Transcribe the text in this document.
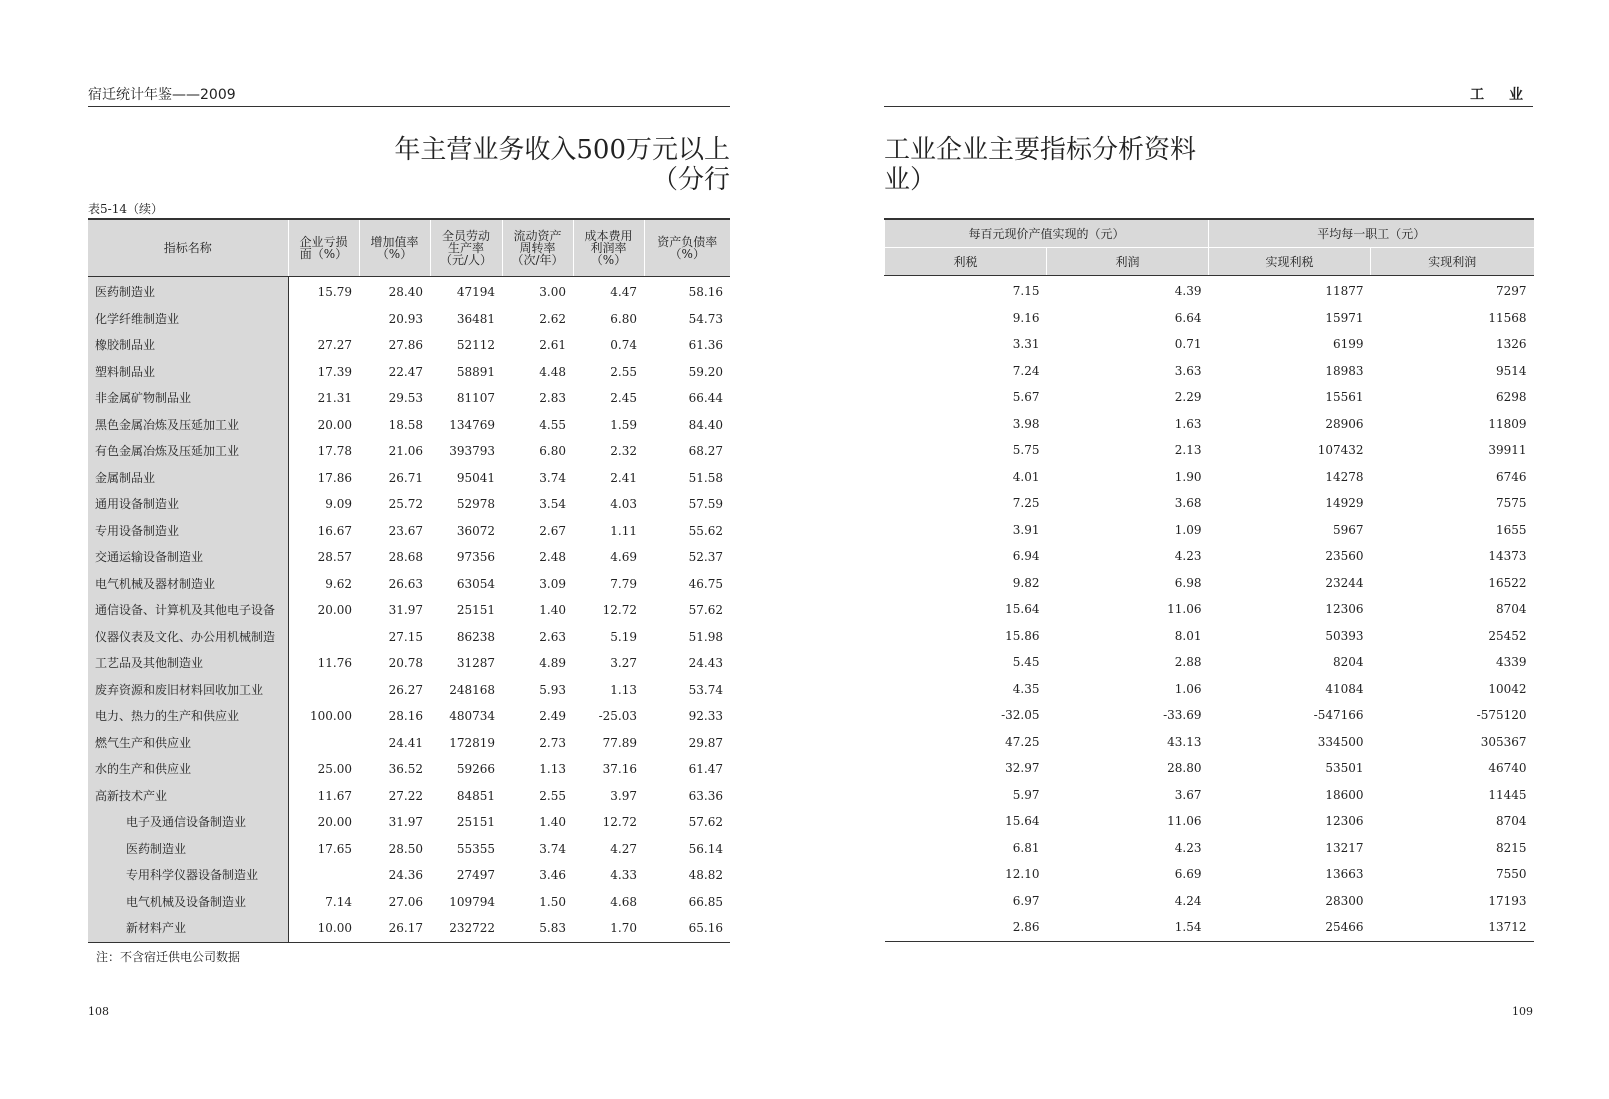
宿迁统计年鉴——2009
年主营业务收入500万元以上
（分行
表5-14（续）
指标名称	企业亏损面（%）	增加值率（%）	全员劳动生产率（元/人）	流动资产周转率（次/年）	成本费用利润率（%）	资产负债率（%）
医药制造业	15.79	28.40	47194	3.00	4.47	58.16
化学纤维制造业		20.93	36481	2.62	6.80	54.73
橡胶制品业	27.27	27.86	52112	2.61	0.74	61.36
塑料制品业	17.39	22.47	58891	4.48	2.55	59.20
非金属矿物制品业	21.31	29.53	81107	2.83	2.45	66.44
黑色金属冶炼及压延加工业	20.00	18.58	134769	4.55	1.59	84.40
有色金属冶炼及压延加工业	17.78	21.06	393793	6.80	2.32	68.27
金属制品业	17.86	26.71	95041	3.74	2.41	51.58
通用设备制造业	9.09	25.72	52978	3.54	4.03	57.59
专用设备制造业	16.67	23.67	36072	2.67	1.11	55.62
交通运输设备制造业	28.57	28.68	97356	2.48	4.69	52.37
电气机械及器材制造业	9.62	26.63	63054	3.09	7.79	46.75
通信设备、计算机及其他电子设备	20.00	31.97	25151	1.40	12.72	57.62
仪器仪表及文化、办公用机械制造		27.15	86238	2.63	5.19	51.98
工艺品及其他制造业	11.76	20.78	31287	4.89	3.27	24.43
废弃资源和废旧材料回收加工业		26.27	248168	5.93	1.13	53.74
电力、热力的生产和供应业	100.00	28.16	480734	2.49	-25.03	92.33
燃气生产和供应业		24.41	172819	2.73	77.89	29.87
水的生产和供应业	25.00	36.52	59266	1.13	37.16	61.47
高新技术产业	11.67	27.22	84851	2.55	3.97	63.36
电子及通信设备制造业	20.00	31.97	25151	1.40	12.72	57.62
医药制造业	17.65	28.50	55355	3.74	4.27	56.14
专用科学仪器设备制造业		24.36	27497	3.46	4.33	48.82
电气机械及设备制造业	7.14	27.06	109794	1.50	4.68	66.85
新材料产业	10.00	26.17	232722	5.83	1.70	65.16
注：不含宿迁供电公司数据
108
工 业
工业企业主要指标分析资料
业）
每百元现价产值实现的（元）		平均每一职工（元）	
利税	利润	实现利税	实现利润
7.15	4.39	11877	7297
9.16	6.64	15971	11568
3.31	0.71	6199	1326
7.24	3.63	18983	9514
5.67	2.29	15561	6298
3.98	1.63	28906	11809
5.75	2.13	107432	39911
4.01	1.90	14278	6746
7.25	3.68	14929	7575
3.91	1.09	5967	1655
6.94	4.23	23560	14373
9.82	6.98	23244	16522
15.64	11.06	12306	8704
15.86	8.01	50393	25452
5.45	2.88	8204	4339
4.35	1.06	41084	10042
-32.05	-33.69	-547166	-575120
47.25	43.13	334500	305367
32.97	28.80	53501	46740
5.97	3.67	18600	11445
15.64	11.06	12306	8704
6.81	4.23	13217	8215
12.10	6.69	13663	7550
6.97	4.24	28300	17193
2.86	1.54	25466	13712
109
